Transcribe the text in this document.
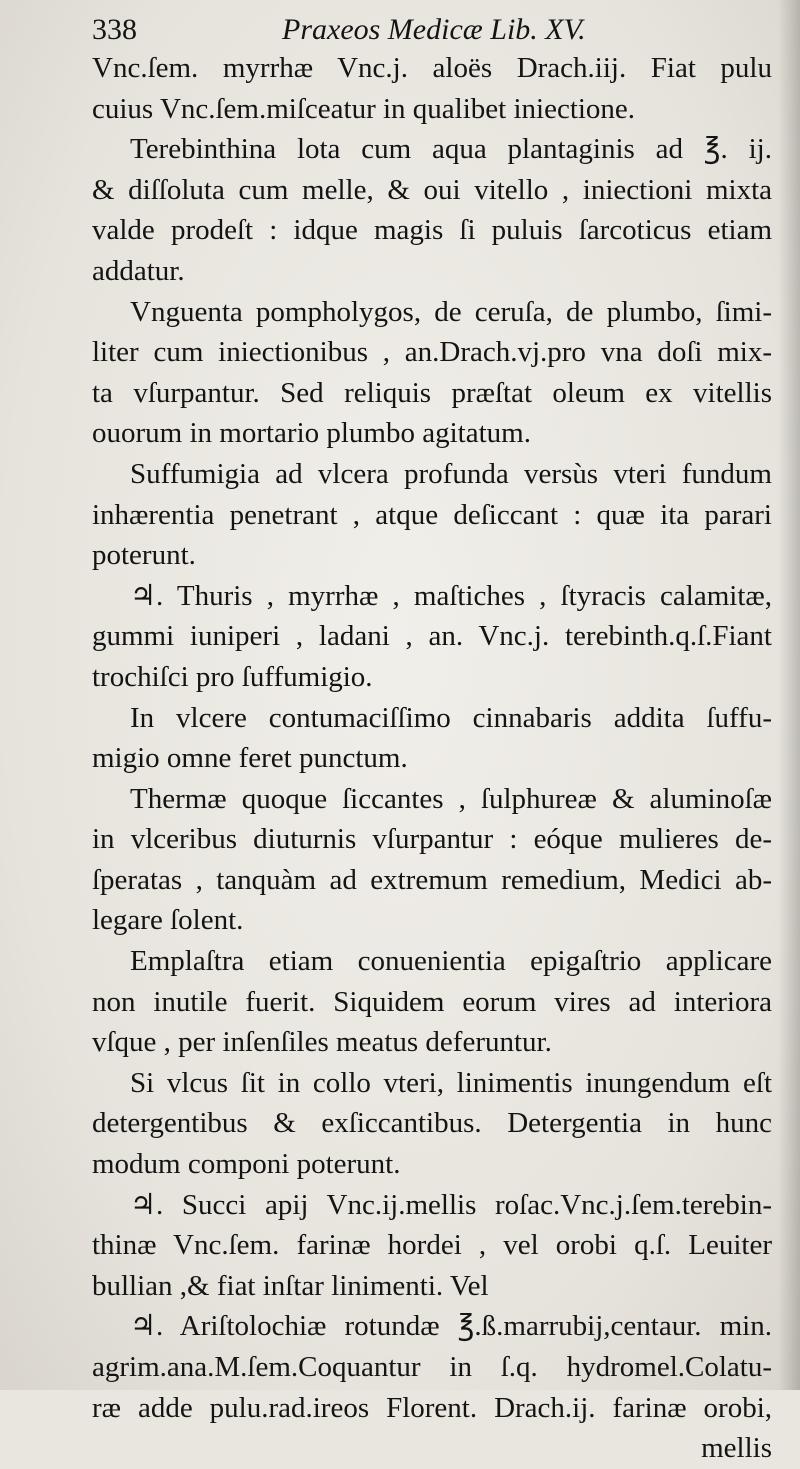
338	Praxeos Medicæ Lib. XV.
Vnc.ſem. myrrhæ Vnc.j. aloës Drach.iij. Fiat pulu
cuius Vnc.ſem.miſceatur in qualibet iniectione.
Terebinthina lota cum aqua plantaginis ad ℥. ij.
& diſſoluta cum melle, & oui vitello , iniectioni mixta
valde prodeſt : idque magis ſi puluis ſarcoticus etiam
addatur.
Vnguenta pompholygos, de ceruſa, de plumbo, ſimi-
liter cum iniectionibus , an.Drach.vj.pro vna doſi mix-
ta vſurpantur. Sed reliquis præſtat oleum ex vitellis
ouorum in mortario plumbo agitatum.
Suffumigia ad vlcera profunda versùs vteri fundum
inhærentia penetrant , atque deſiccant : quæ ita parari
poterunt.
♃. Thuris , myrrhæ , maſtiches , ſtyracis calamitæ,
gummi iuniperi , ladani , an. Vnc.j. terebinth.q.ſ.Fiant
trochiſci pro ſuffumigio.
In vlcere contumaciſſimo cinnabaris addita ſuffu-
migio omne feret punctum.
Thermæ quoque ſiccantes , ſulphureæ & aluminoſæ
in vlceribus diuturnis vſurpantur : eóque mulieres de-
ſperatas , tanquàm ad extremum remedium, Medici ab-
legare ſolent.
Emplaſtra etiam conuenientia epigaſtrio applicare
non inutile fuerit. Siquidem eorum vires ad interiora
vſque , per inſenſiles meatus deferuntur.
Si vlcus ſit in collo vteri, linimentis inungendum eſt
detergentibus & exſiccantibus. Detergentia in hunc
modum componi poterunt.
♃. Succi apij Vnc.ij.mellis roſac.Vnc.j.ſem.terebin-
thinæ Vnc.ſem. farinæ hordei , vel orobi q.ſ. Leuiter
bullian ,& fiat inſtar linimenti. Vel
♃. Ariſtolochiæ rotundæ ℥.ß.marrubij,centaur. min.
agrim.ana.M.ſem.Coquantur in ſ.q. hydromel.Colatu-
ræ adde pulu.rad.ireos Florent. Drach.ij. farinæ orobi,
mellis
